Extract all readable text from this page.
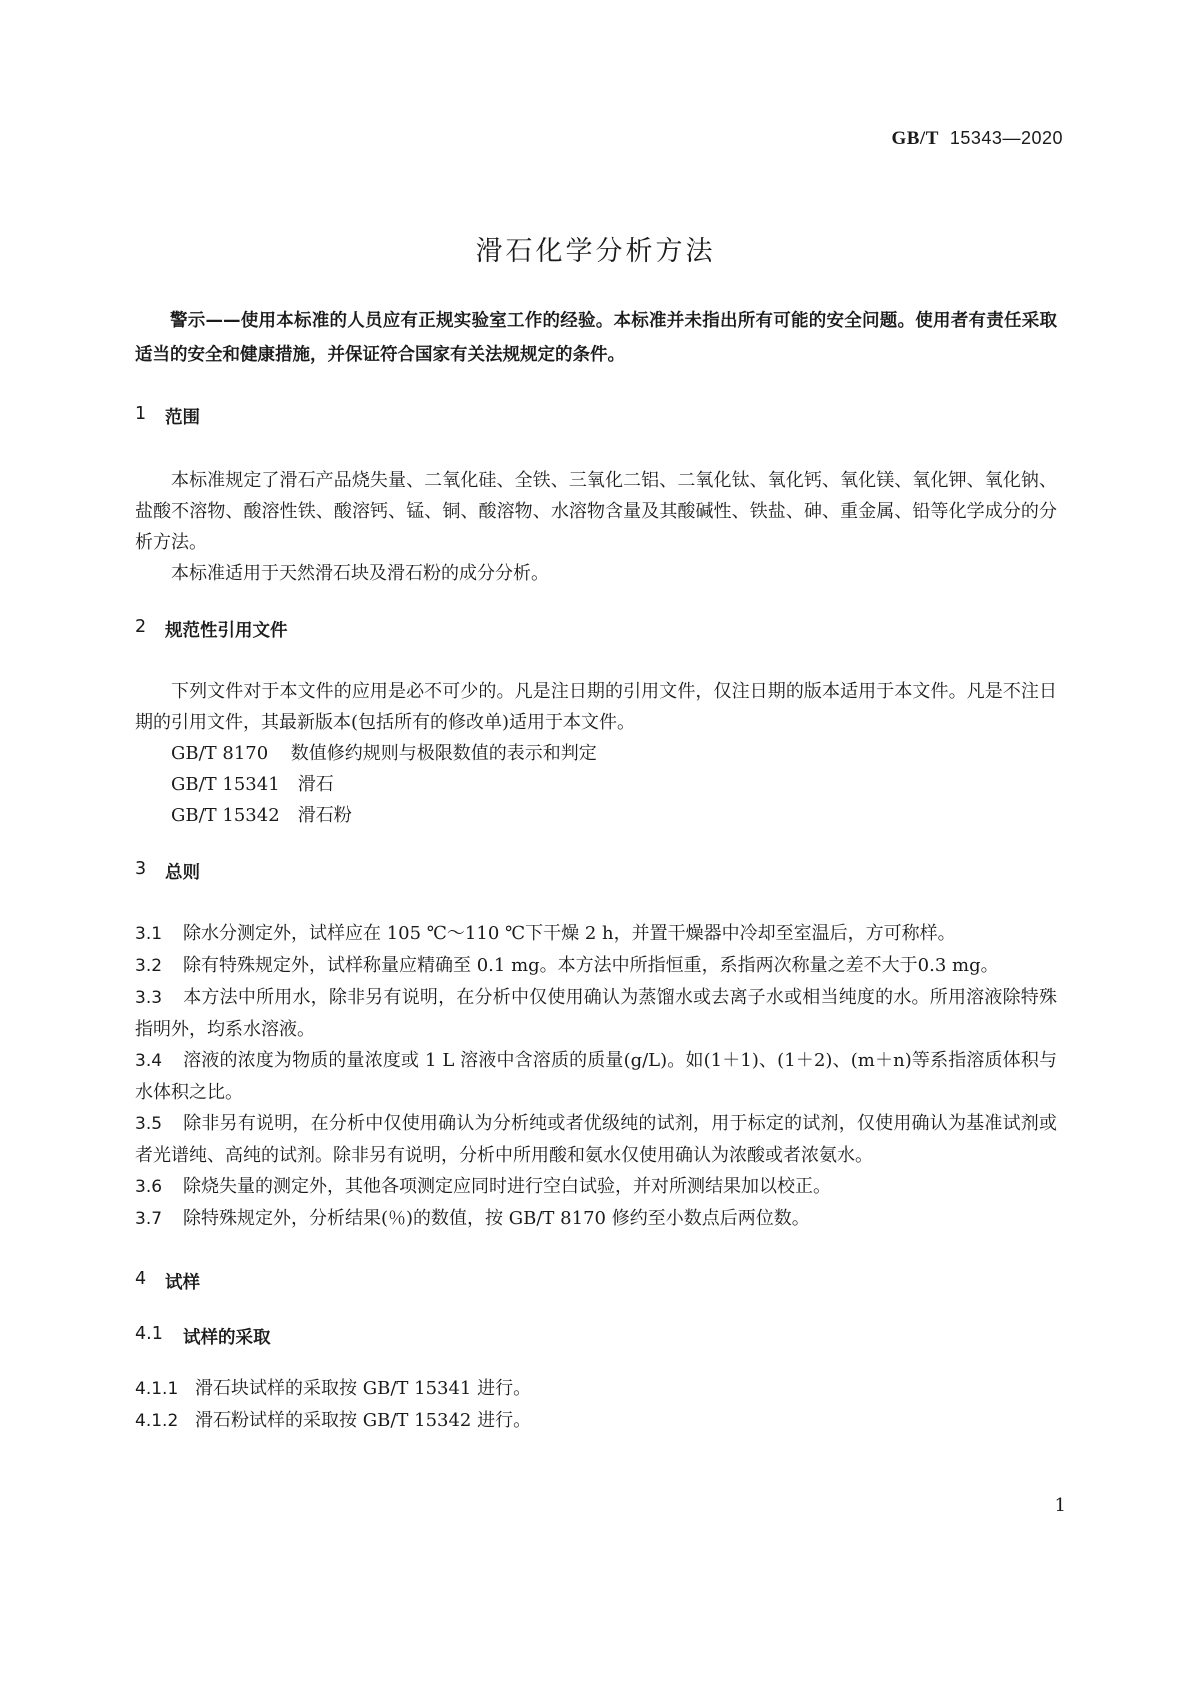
GB/T 15343—2020
滑石化学分析方法

警示——使用本标准的人员应有正规实验室工作的经验。本标准并未指出所有可能的安全问题。使用者有责任采取适当的安全和健康措施，并保证符合国家有关法规规定的条件。

1	范围

本标准规定了滑石产品烧失量、二氧化硅、全铁、三氧化二铝、二氧化钛、氧化钙、氧化镁、氧化钾、氧化钠、盐酸不溶物、酸溶性铁、酸溶钙、锰、铜、酸溶物、水溶物含量及其酸碱性、铁盐、砷、重金属、铅等化学成分的分析方法。

本标准适用于天然滑石块及滑石粉的成分分析。

2	规范性引用文件

下列文件对于本文件的应用是必不可少的。凡是注日期的引用文件，仅注日期的版本适用于本文件。凡是不注日期的引用文件，其最新版本(包括所有的修改单)适用于本文件。

GB/T 8170 数值修约规则与极限数值的表示和判定

GB/T 15341 滑石

GB/T 15342 滑石粉

3	总则

3.1 除水分测定外，试样应在 105 ℃～110 ℃下干燥 2 h，并置干燥器中冷却至室温后，方可称样。

3.2 除有特殊规定外，试样称量应精确至 0.1 mg。本方法中所指恒重，系指两次称量之差不大于0.3 mg。

3.3 本方法中所用水，除非另有说明，在分析中仅使用确认为蒸馏水或去离子水或相当纯度的水。所用溶液除特殊指明外，均系水溶液。

3.4 溶液的浓度为物质的量浓度或 1 L 溶液中含溶质的质量(g/L)。如(1＋1)、(1＋2)、(m＋n)等系指溶质体积与水体积之比。

3.5 除非另有说明，在分析中仅使用确认为分析纯或者优级纯的试剂，用于标定的试剂，仅使用确认为基准试剂或者光谱纯、高纯的试剂。除非另有说明，分析中所用酸和氨水仅使用确认为浓酸或者浓氨水。

3.6 除烧失量的测定外，其他各项测定应同时进行空白试验，并对所测结果加以校正。

3.7 除特殊规定外，分析结果(％)的数值，按 GB/T 8170 修约至小数点后两位数。

4	试样
4.1	试样的采取

4.1.1 滑石块试样的采取按 GB/T 15341 进行。

4.1.2 滑石粉试样的采取按 GB/T 15342 进行。

1
